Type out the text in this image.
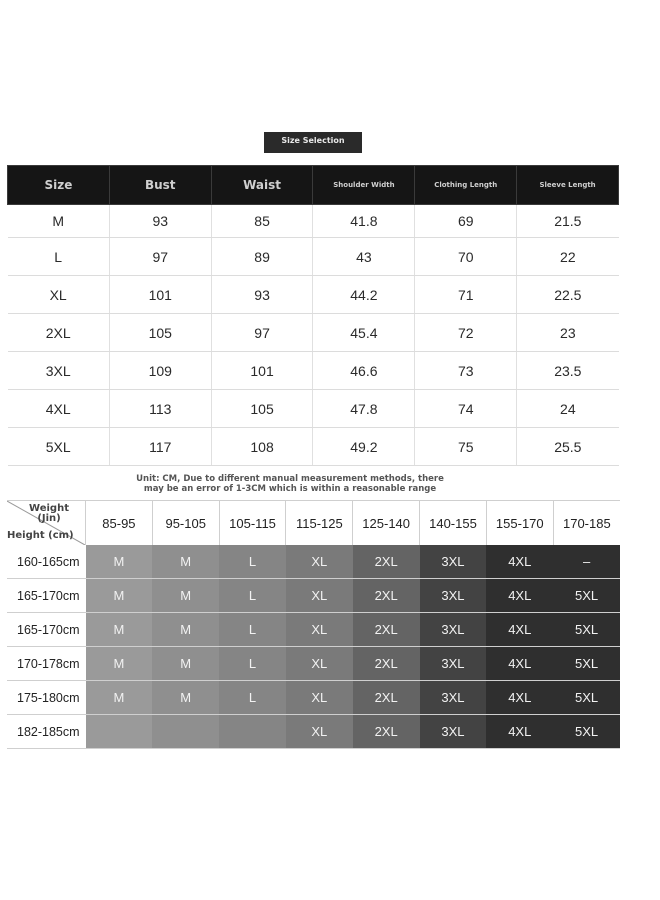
Size Selection
Size	Bust	Waist	Shoulder Width	Clothing Length	Sleeve Length
M	93	85	41.8	69	21.5
L	97	89	43	70	22
XL	101	93	44.2	71	22.5
2XL	105	97	45.4	72	23
3XL	109	101	46.6	73	23.5
4XL	113	105	47.8	74	24
5XL	117	108	49.2	75	25.5
Unit: CM, Due to different manual measurement methods, there
may be an error of 1-3CM which is within a reasonable range
Weight
(Jin)
Height (cm)	85-95	95-105	105-115	115-125	125-140	140-155	155-170	170-185
160-165cm	M	M	L	XL	2XL	3XL	4XL	–
165-170cm	M	M	L	XL	2XL	3XL	4XL	5XL
165-170cm	M	M	L	XL	2XL	3XL	4XL	5XL
170-178cm	M	M	L	XL	2XL	3XL	4XL	5XL
175-180cm	M	M	L	XL	2XL	3XL	4XL	5XL
182-185cm				XL	2XL	3XL	4XL	5XL
